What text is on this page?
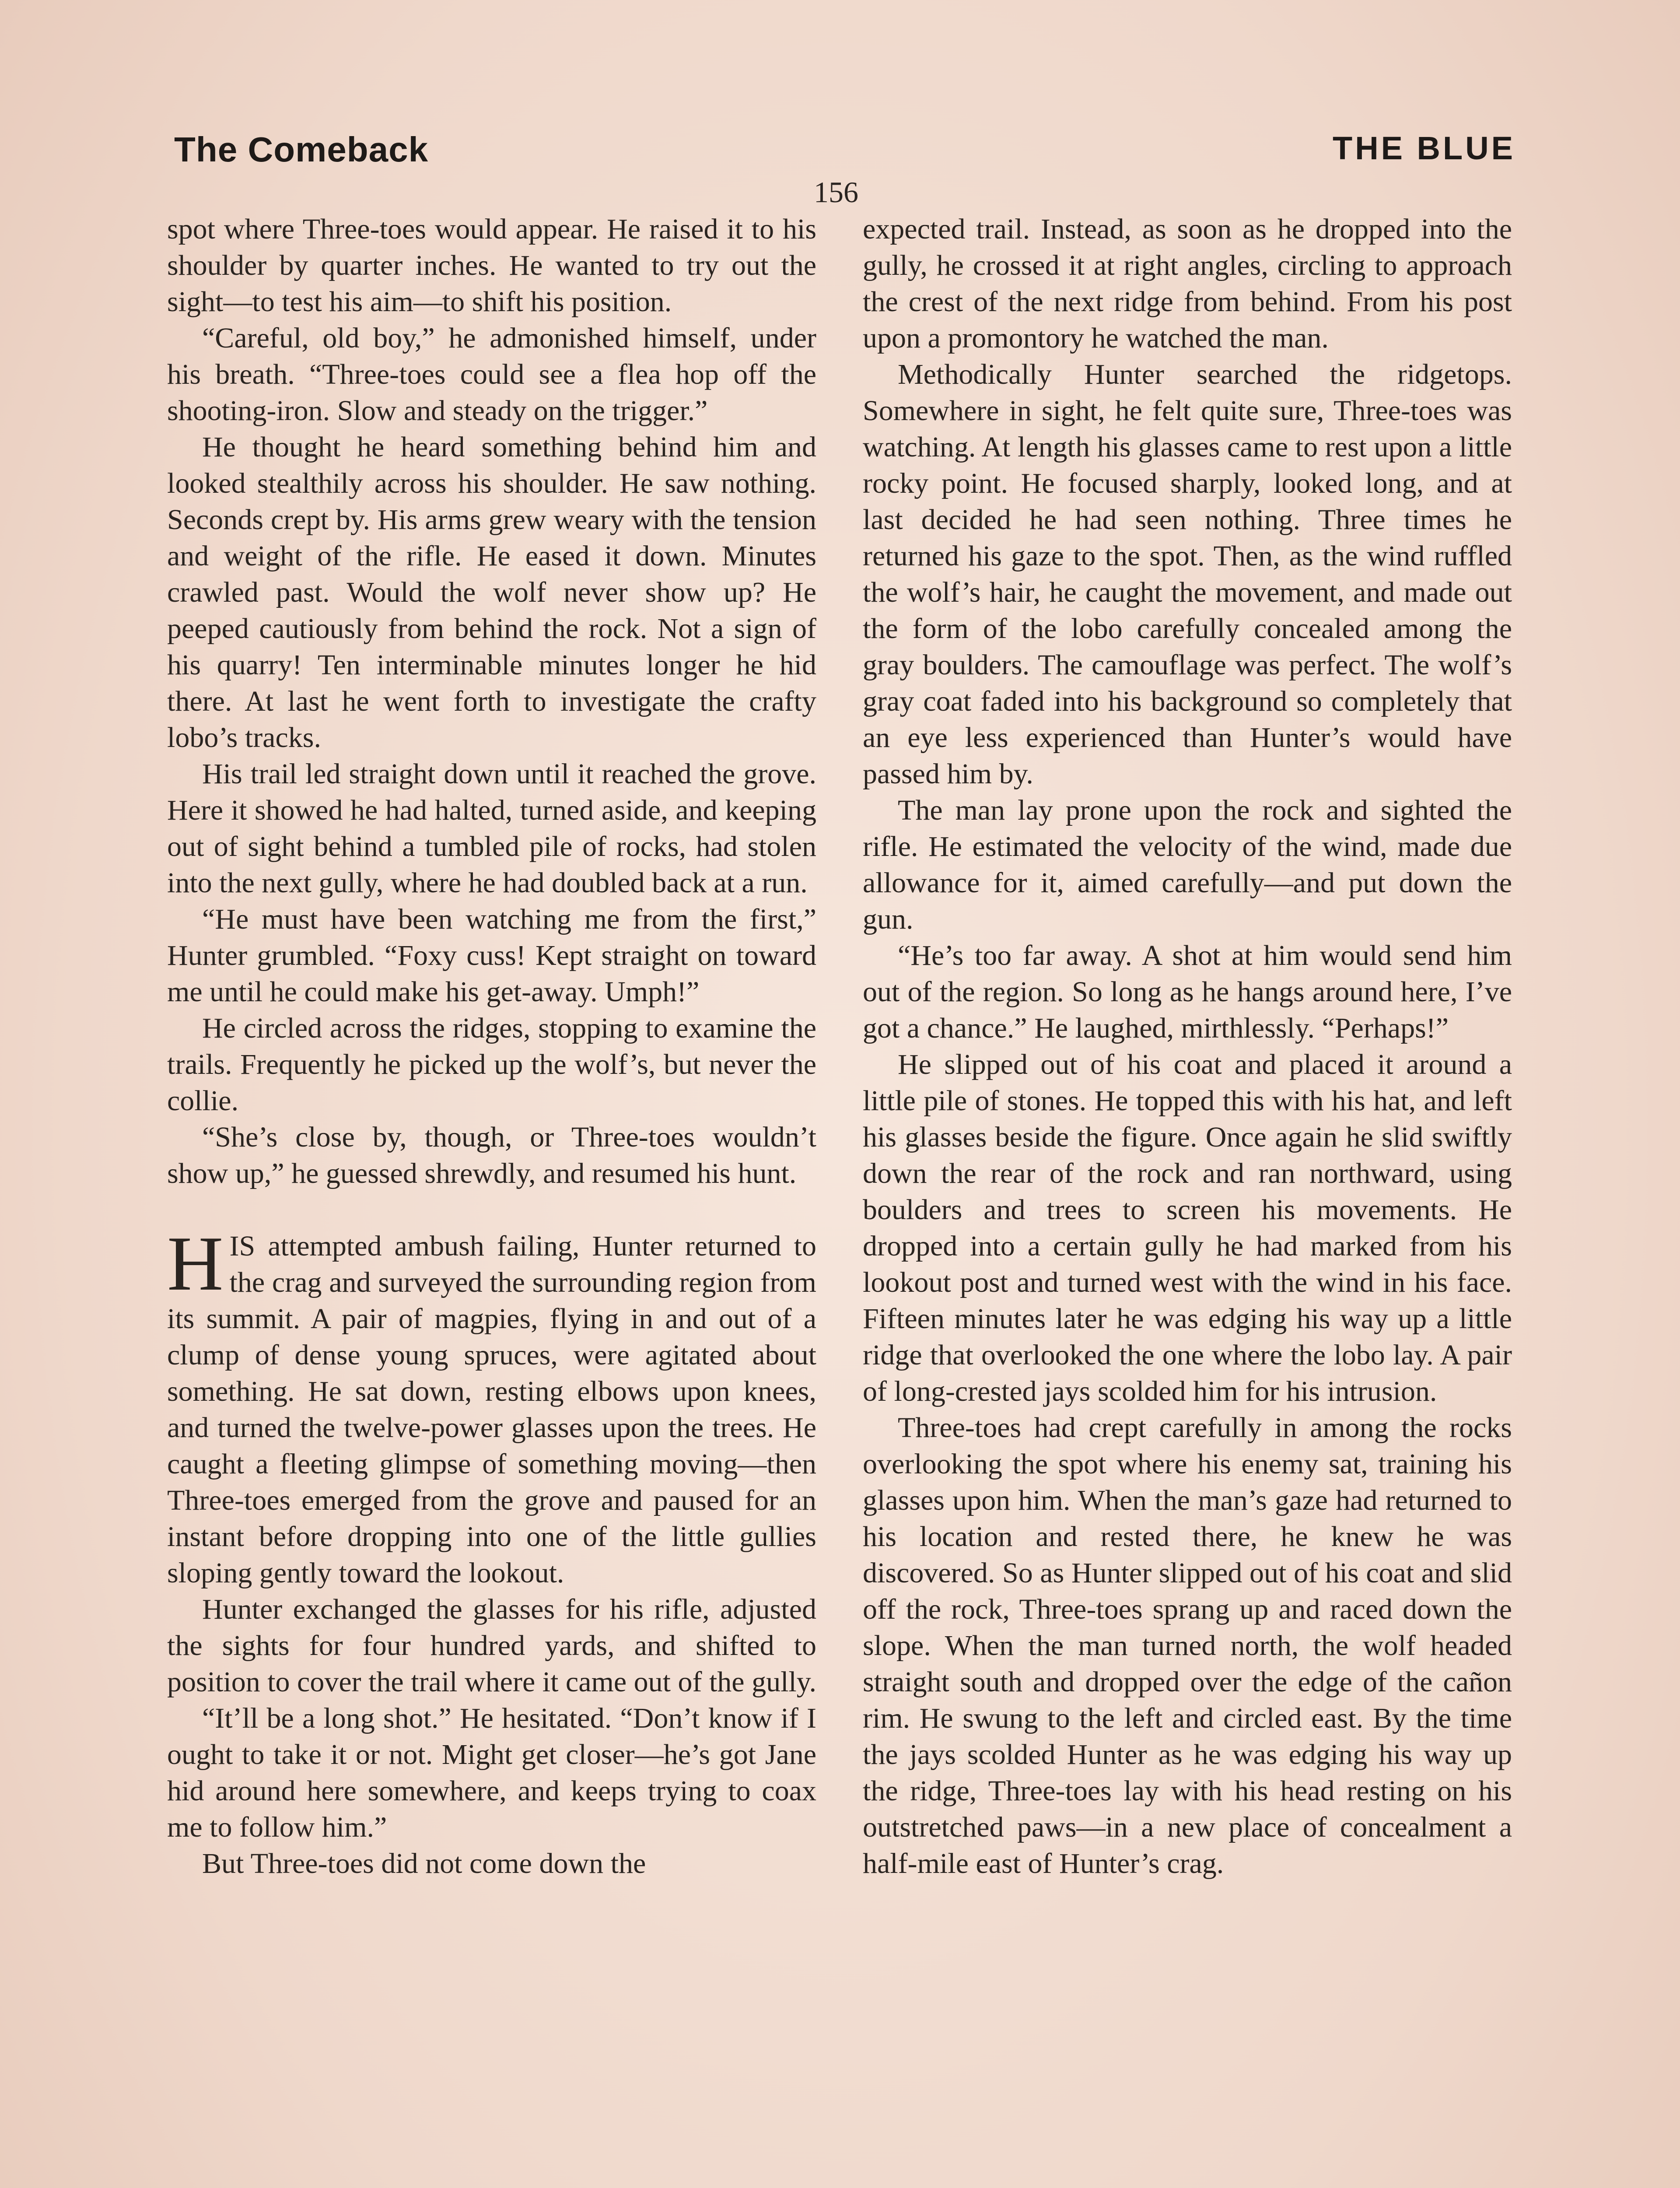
The Comeback	THE BLUE
156

spot where Three-toes would appear. He raised it to his shoulder by quarter inches. He wanted to try out the sight—to test his aim—to shift his position.

“Careful, old boy,” he admonished himself, under his breath. “Three-toes could see a flea hop off the shooting-iron. Slow and steady on the trigger.”

He thought he heard something behind him and looked stealthily across his shoulder. He saw nothing. Seconds crept by. His arms grew weary with the tension and weight of the rifle. He eased it down. Minutes crawled past. Would the wolf never show up? He peeped cautiously from behind the rock. Not a sign of his quarry! Ten interminable minutes longer he hid there. At last he went forth to investigate the crafty lobo’s tracks.

His trail led straight down until it reached the grove. Here it showed he had halted, turned aside, and keeping out of sight behind a tumbled pile of rocks, had stolen into the next gully, where he had doubled back at a run.

“He must have been watching me from the first,” Hunter grumbled. “Foxy cuss! Kept straight on toward me until he could make his get-away. Umph!”

He circled across the ridges, stopping to examine the trails. Frequently he picked up the wolf’s, but never the collie.

“She’s close by, though, or Three-toes wouldn’t show up,” he guessed shrewdly, and resumed his hunt.

HIS attempted ambush failing, Hunter returned to the crag and surveyed the surrounding region from its summit. A pair of magpies, flying in and out of a clump of dense young spruces, were agitated about something. He sat down, resting elbows upon knees, and turned the twelve-power glasses upon the trees. He caught a fleeting glimpse of something moving—then Three-toes emerged from the grove and paused for an instant before dropping into one of the little gullies sloping gently toward the lookout.

Hunter exchanged the glasses for his rifle, adjusted the sights for four hundred yards, and shifted to position to cover the trail where it came out of the gully.

“It’ll be a long shot.” He hesitated. “Don’t know if I ought to take it or not. Might get closer—he’s got Jane hid around here somewhere, and keeps trying to coax me to follow him.”

But Three-toes did not come down the

expected trail. Instead, as soon as he dropped into the gully, he crossed it at right angles, circling to approach the crest of the next ridge from behind. From his post upon a promontory he watched the man.

Methodically Hunter searched the ridgetops. Somewhere in sight, he felt quite sure, Three-toes was watching. At length his glasses came to rest upon a little rocky point. He focused sharply, looked long, and at last decided he had seen nothing. Three times he returned his gaze to the spot. Then, as the wind ruffled the wolf’s hair, he caught the movement, and made out the form of the lobo carefully concealed among the gray boulders. The camouflage was perfect. The wolf’s gray coat faded into his background so completely that an eye less experienced than Hunter’s would have passed him by.

The man lay prone upon the rock and sighted the rifle. He estimated the velocity of the wind, made due allowance for it, aimed carefully—and put down the gun.

“He’s too far away. A shot at him would send him out of the region. So long as he hangs around here, I’ve got a chance.” He laughed, mirthlessly. “Perhaps!”

He slipped out of his coat and placed it around a little pile of stones. He topped this with his hat, and left his glasses beside the figure. Once again he slid swiftly down the rear of the rock and ran northward, using boulders and trees to screen his movements. He dropped into a certain gully he had marked from his lookout post and turned west with the wind in his face. Fifteen minutes later he was edging his way up a little ridge that overlooked the one where the lobo lay. A pair of long-crested jays scolded him for his intrusion.

Three-toes had crept carefully in among the rocks overlooking the spot where his enemy sat, training his glasses upon him. When the man’s gaze had returned to his location and rested there, he knew he was discovered. So as Hunter slipped out of his coat and slid off the rock, Three-toes sprang up and raced down the slope. When the man turned north, the wolf headed straight south and dropped over the edge of the cañon rim. He swung to the left and circled east. By the time the jays scolded Hunter as he was edging his way up the ridge, Three-toes lay with his head resting on his outstretched paws—in a new place of concealment a half-mile east of Hunter’s crag.
